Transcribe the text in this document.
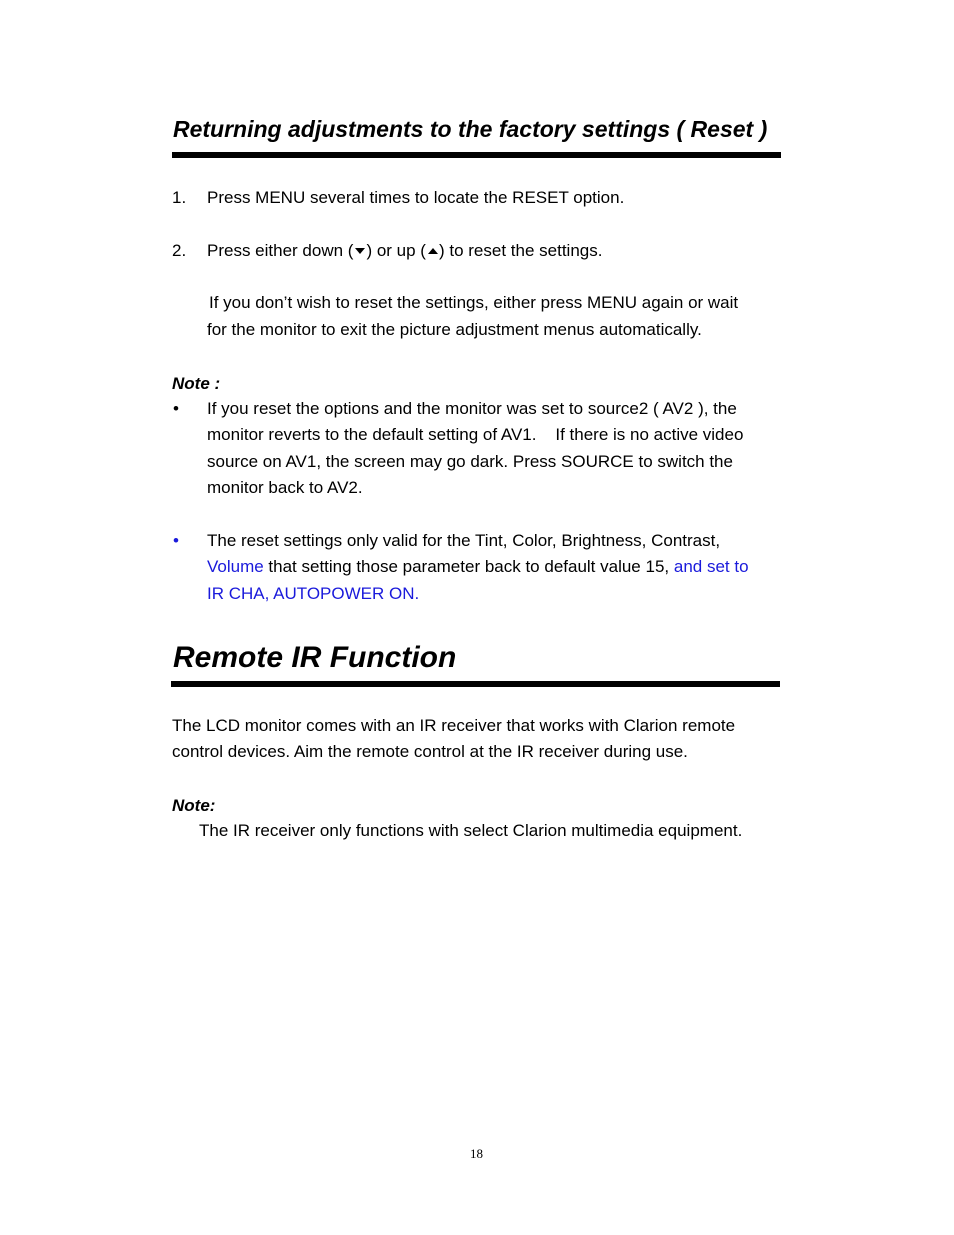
Returning adjustments to the factory settings ( Reset )
1. Press MENU several times to locate the RESET option.
2. Press either down ( ) or up ( ) to reset the settings.
If you don’t wish to reset the settings, either press MENU again or wait
for the monitor to exit the picture adjustment menus automatically.
Note :
• If you reset the options and the monitor was set to source2 ( AV2 ), the
monitor reverts to the default setting of AV1.    If there is no active video
source on AV1, the screen may go dark. Press SOURCE to switch the
monitor back to AV2.
• The reset settings only valid for the Tint, Color, Brightness, Contrast,
Volume that setting those parameter back to default value 15, and set to
IR CHA, AUTOPOWER ON.
Remote IR Function
The LCD monitor comes with an IR receiver that works with Clarion remote
control devices. Aim the remote control at the IR receiver during use.
Note:
The IR receiver only functions with select Clarion multimedia equipment.
18
